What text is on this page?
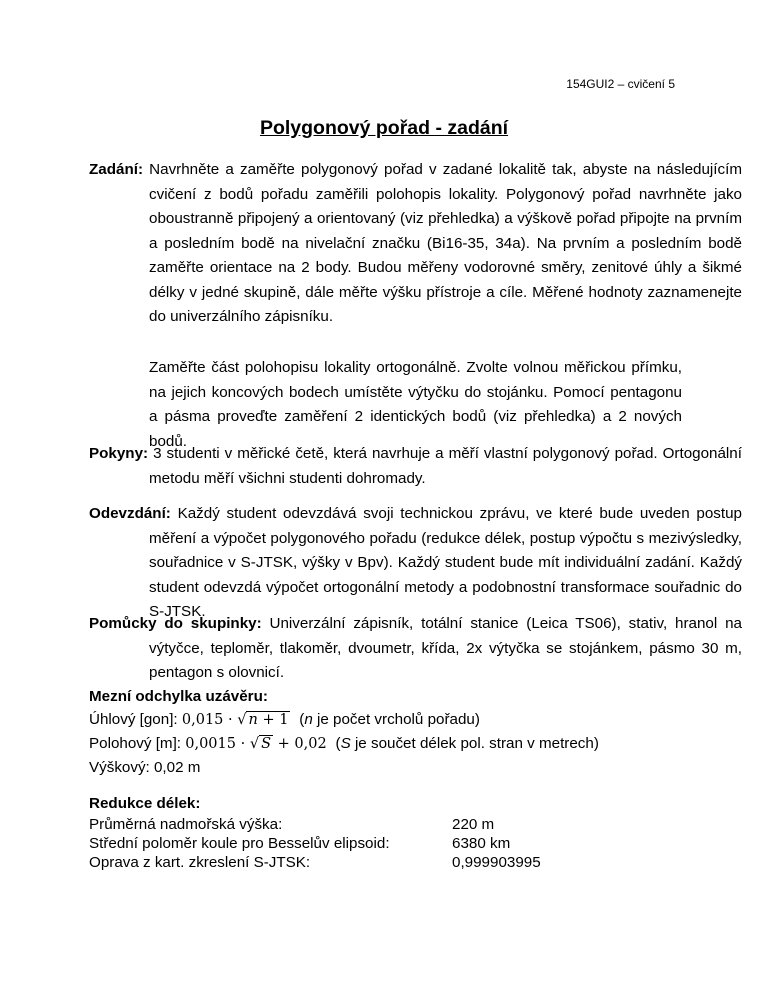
154GUI2 – cvičení 5
Polygonový pořad - zadání
Zadání: Navrhněte a zaměřte polygonový pořad v zadané lokalitě tak, abyste na následujícím cvičení z bodů pořadu zaměřili polohopis lokality. Polygonový pořad navrhněte jako oboustranně připojený a orientovaný (viz přehledka) a výškově pořad připojte na prvním a posledním bodě na nivelační značku (Bi16-35, 34a). Na prvním a posledním bodě zaměřte orientace na 2 body. Budou měřeny vodorovné směry, zenitové úhly a šikmé délky v jedné skupině, dále měřte výšku přístroje a cíle. Měřené hodnoty zaznamenejte do univerzálního zápisníku.
Zaměřte část polohopisu lokality ortogonálně. Zvolte volnou měřickou přímku, na jejich koncových bodech umístěte výtyčku do stojánku. Pomocí pentagonu a pásma proveďte zaměření 2 identických bodů (viz přehledka) a 2 nových bodů.
Pokyny: 3 studenti v měřické četě, která navrhuje a měří vlastní polygonový pořad. Ortogonální metodu měří všichni studenti dohromady.
Odevzdání: Každý student odevzdává svoji technickou zprávu, ve které bude uveden postup měření a výpočet polygonového pořadu (redukce délek, postup výpočtu s mezivýsledky, souřadnice v S-JTSK, výšky v Bpv). Každý student bude mít individuální zadání. Každý student odevzdá výpočet ortogonální metody a podobnostní transformace souřadnic do S-JTSK.
Pomůcky do skupinky: Univerzální zápisník, totální stanice (Leica TS06), stativ, hranol na výtyčce, teploměr, tlakoměr, dvoumetr, křída, 2x výtyčka se stojánkem, pásmo 30 m, pentagon s olovnicí.
Mezní odchylka uzávěru:
Úhlový [gon]: 0,015 · √ n + 1  (n je počet vrcholů pořadu)
Polohový [m]: 0,0015 · √ S + 0,02  (S je součet délek pol. stran v metrech)
Výškový: 0,02 m
Redukce délek:
Průměrná nadmořská výška:	220 m
Střední poloměr koule pro Besselův elipsoid:	6380 km
Oprava z kart. zkreslení S-JTSK:	0,999903995
